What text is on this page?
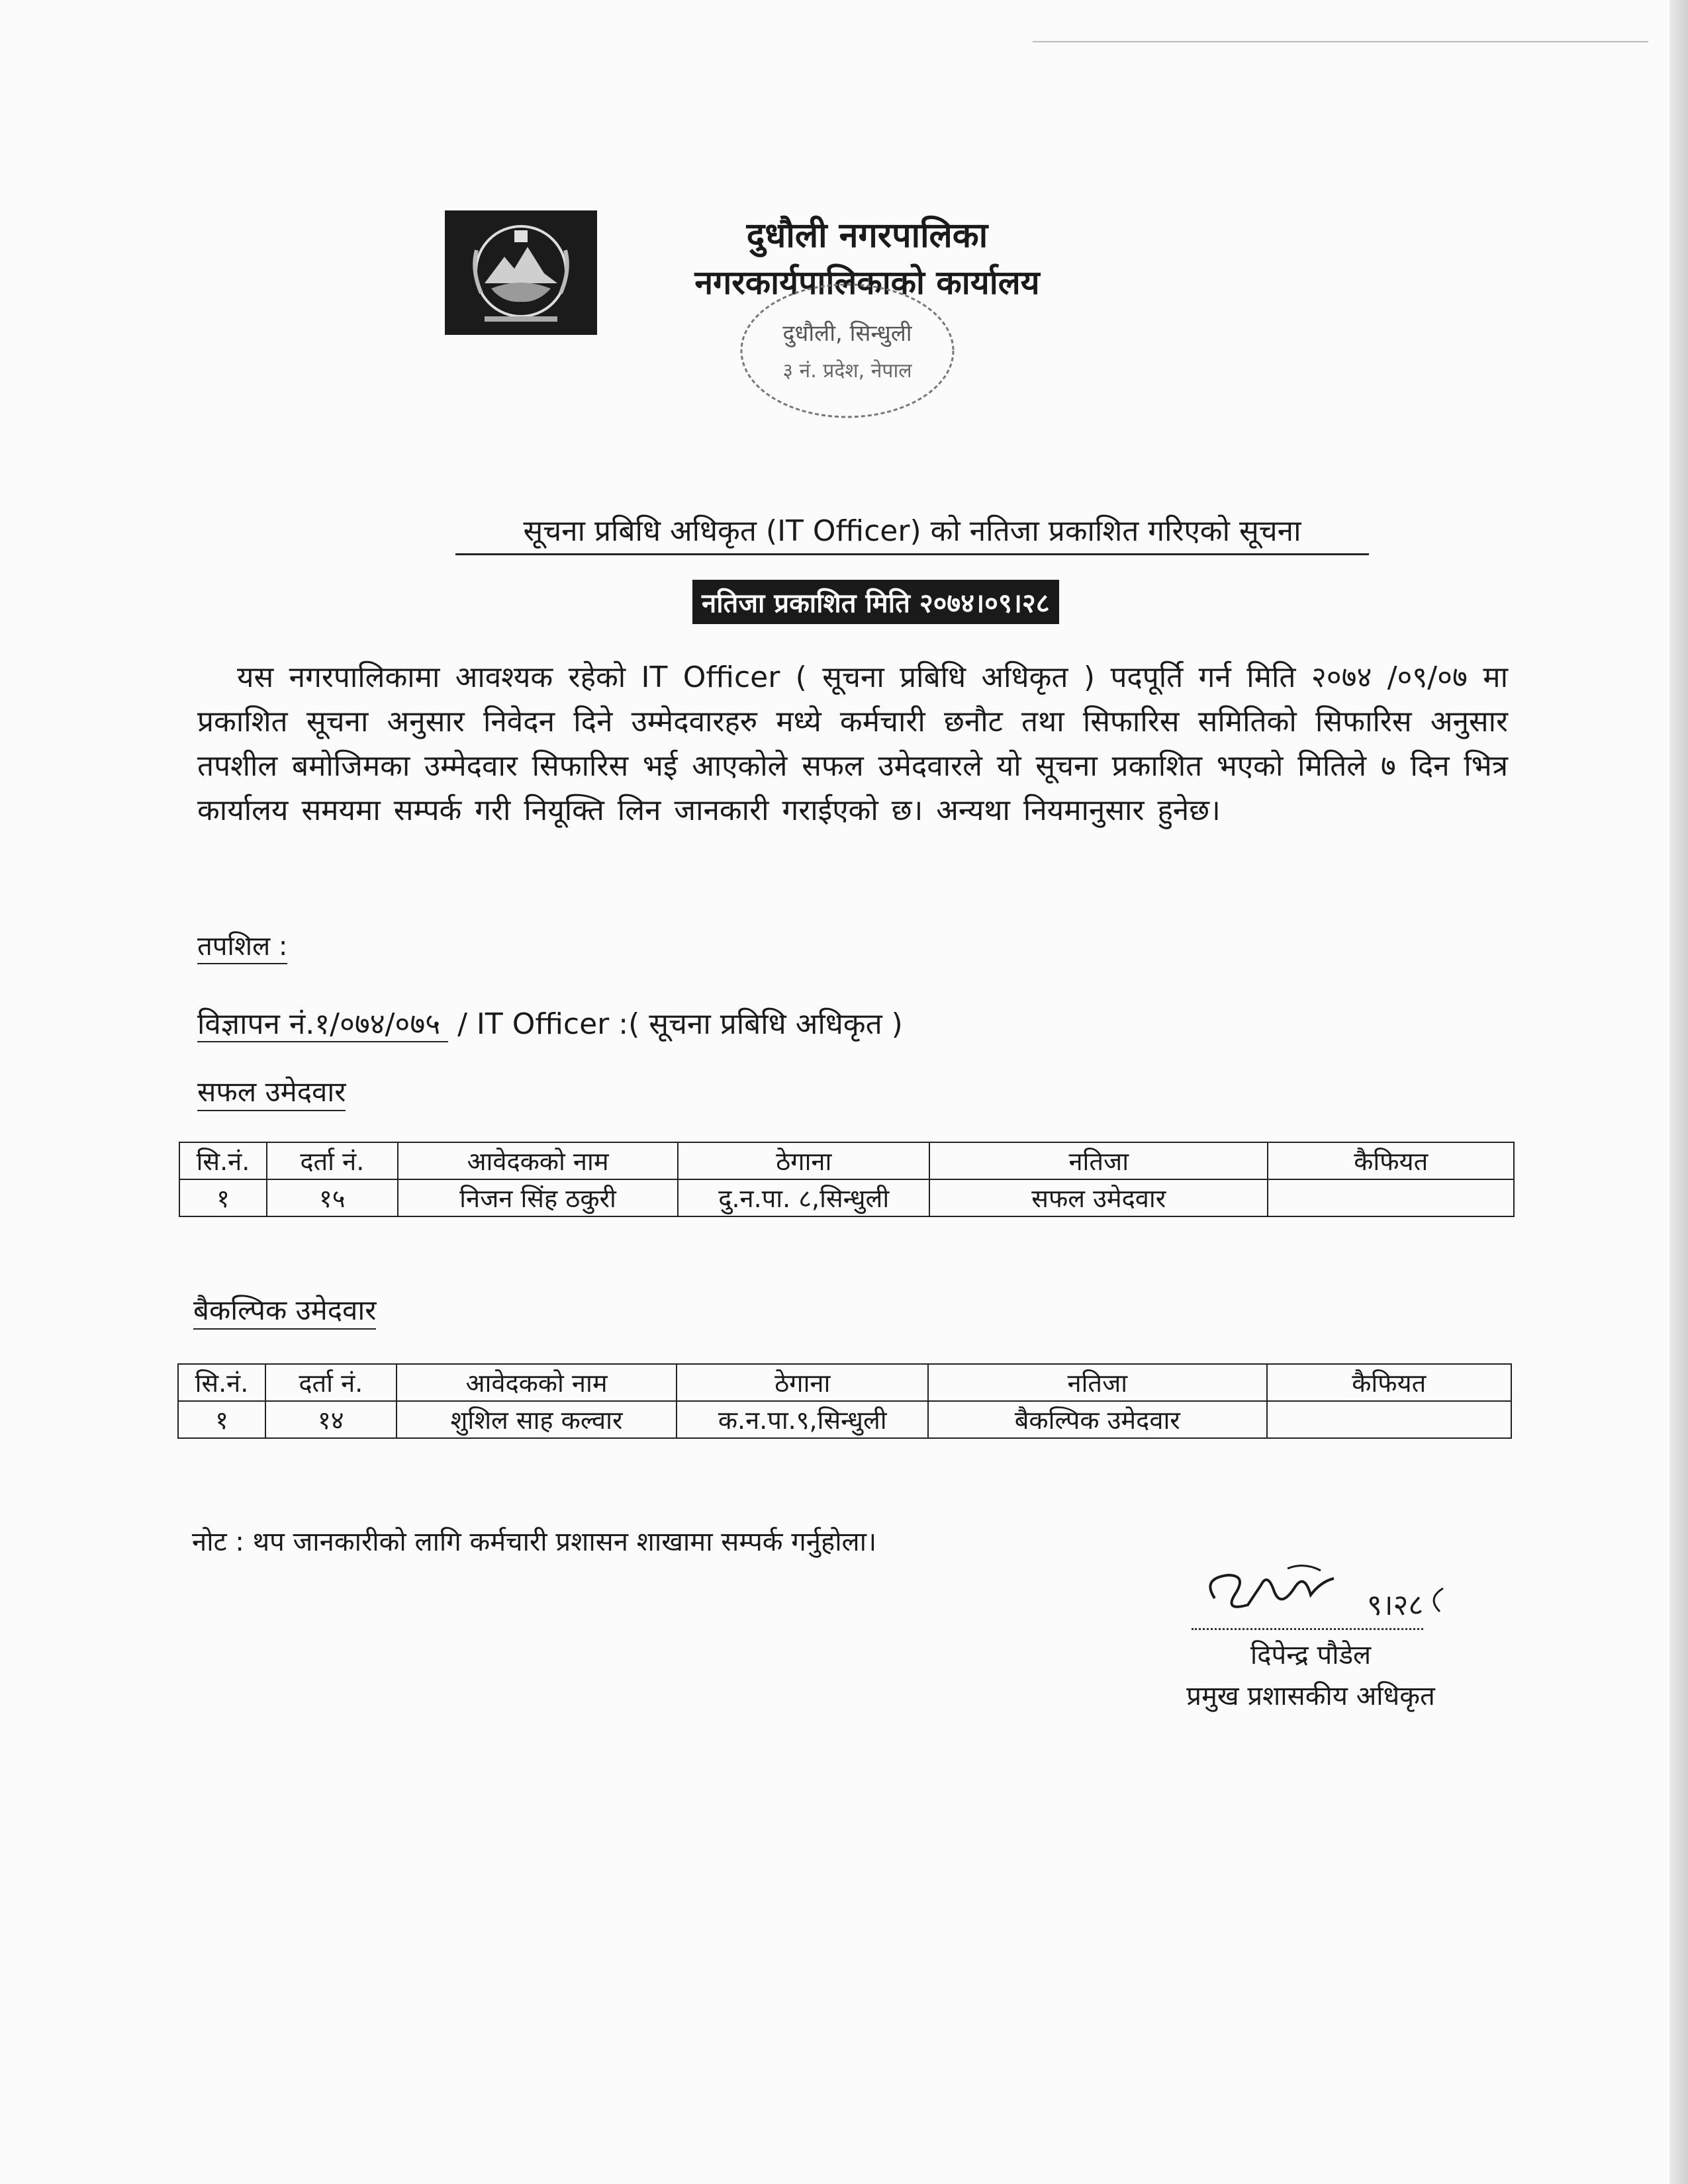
दुधौली नगरपालिका
नगरकार्यपालिकाको कार्यालय
दुधौली, सिन्धुली
३ नं. प्रदेश, नेपाल
सूचना प्रबिधि अधिकृत (IT Officer) को नतिजा प्रकाशित गरिएको सूचना
नतिजा प्रकाशित मिति २०७४।०९।२८
यस नगरपालिकामा आवश्यक रहेको IT Officer ( सूचना प्रबिधि अधिकृत ) पदपूर्ति गर्न मिति २०७४ /०९/०७ मा प्रकाशित सूचना अनुसार निवेदन दिने उम्मेदवारहरु मध्ये कर्मचारी छनौट तथा सिफारिस समितिको सिफारिस अनुसार तपशील बमोजिमका उम्मेदवार सिफारिस भई आएकोले सफल उमेदवारले यो सूचना प्रकाशित भएको मितिले ७ दिन भित्र कार्यालय समयमा सम्पर्क गरी नियूक्ति लिन जानकारी गराईएको छ। अन्यथा नियमानुसार हुनेछ।
तपशिल :
विज्ञापन नं.१/०७४/०७५ / IT Officer :( सूचना प्रबिधि अधिकृत )
सफल उमेदवार
सि.नं.	दर्ता नं.	आवेदकको नाम	ठेगाना	नतिजा	कैफियत
१	१५	निजन सिंह ठकुरी	दु.न.पा. ८,सिन्धुली	सफल उमेदवार	
बैकल्पिक उमेदवार
सि.नं.	दर्ता नं.	आवेदकको नाम	ठेगाना	नतिजा	कैफियत
१	१४	शुशिल साह कल्वार	क.न.पा.९,सिन्धुली	बैकल्पिक उमेदवार	
नोट : थप जानकारीको लागि कर्मचारी प्रशासन शाखामा सम्पर्क गर्नुहोला।
९।२८
दिपेन्द्र पौडेल
प्रमुख प्रशासकीय अधिकृत
